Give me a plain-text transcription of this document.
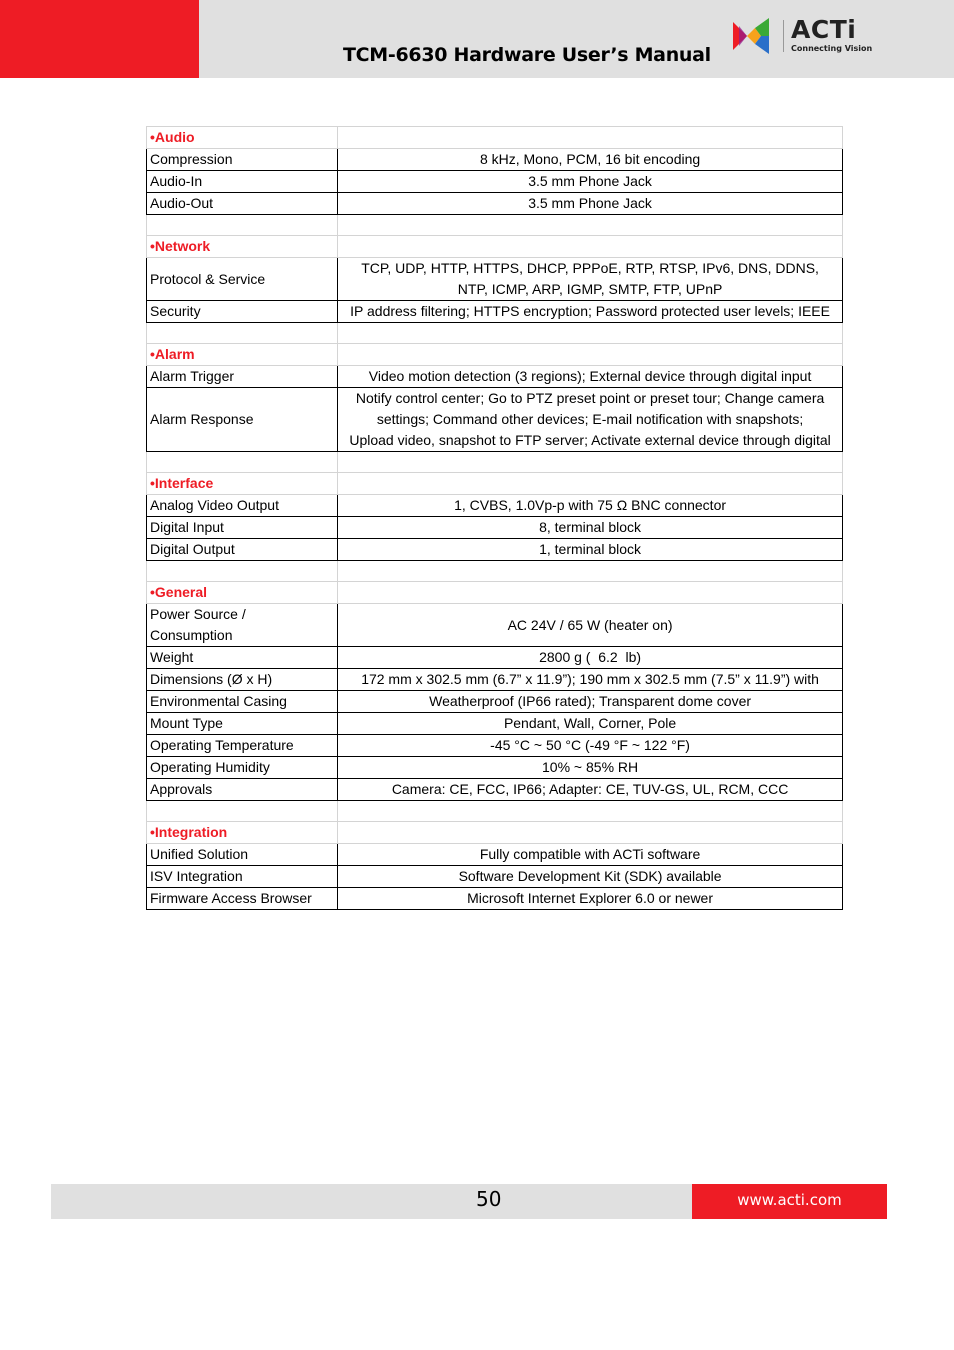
TCM-6630 Hardware User’s Manual
ACTi
Connecting Vision
•Audio	
Compression	8 kHz, Mono, PCM, 16 bit encoding
Audio-In	3.5 mm Phone Jack
Audio-Out	3.5 mm Phone Jack

•Network	
Protocol & Service	TCP, UDP, HTTP, HTTPS, DHCP, PPPoE, RTP, RTSP, IPv6, DNS, DDNS,
NTP, ICMP, ARP, IGMP, SMTP, FTP, UPnP

Security	IP address filtering; HTTPS encryption; Password protected user levels; IEEE

•Alarm	
Alarm Trigger	Video motion detection (3 regions); External device through digital input
Alarm Response	Notify control center; Go to PTZ preset point or preset tour; Change camera
settings; Command other devices; E-mail notification with snapshots;
Upload video, snapshot to FTP server; Activate external device through digital

•Interface	
Analog Video Output	1, CVBS, 1.0Vp-p with 75 Ω BNC connector
Digital Input	8, terminal block
Digital Output	1, terminal block

•General	

Power Source /
Consumption	AC 24V / 65 W (heater on)
Weight	2800 g (  6.2  lb)
Dimensions (Ø x H)	172 mm x 302.5 mm (6.7” x 11.9”); 190 mm x 302.5 mm (7.5” x 11.9”) with
Environmental Casing	Weatherproof (IP66 rated); Transparent dome cover
Mount Type	Pendant, Wall, Corner, Pole
Operating Temperature	-45 °C ~ 50 °C (-49 °F ~ 122 °F)
Operating Humidity	10% ~ 85% RH
Approvals	Camera: CE, FCC, IP66; Adapter: CE, TUV-GS, UL, RCM, CCC

•Integration	
Unified Solution	Fully compatible with ACTi software
ISV Integration	Software Development Kit (SDK) available
Firmware Access Browser	Microsoft Internet Explorer 6.0 or newer
50	www.acti.com
